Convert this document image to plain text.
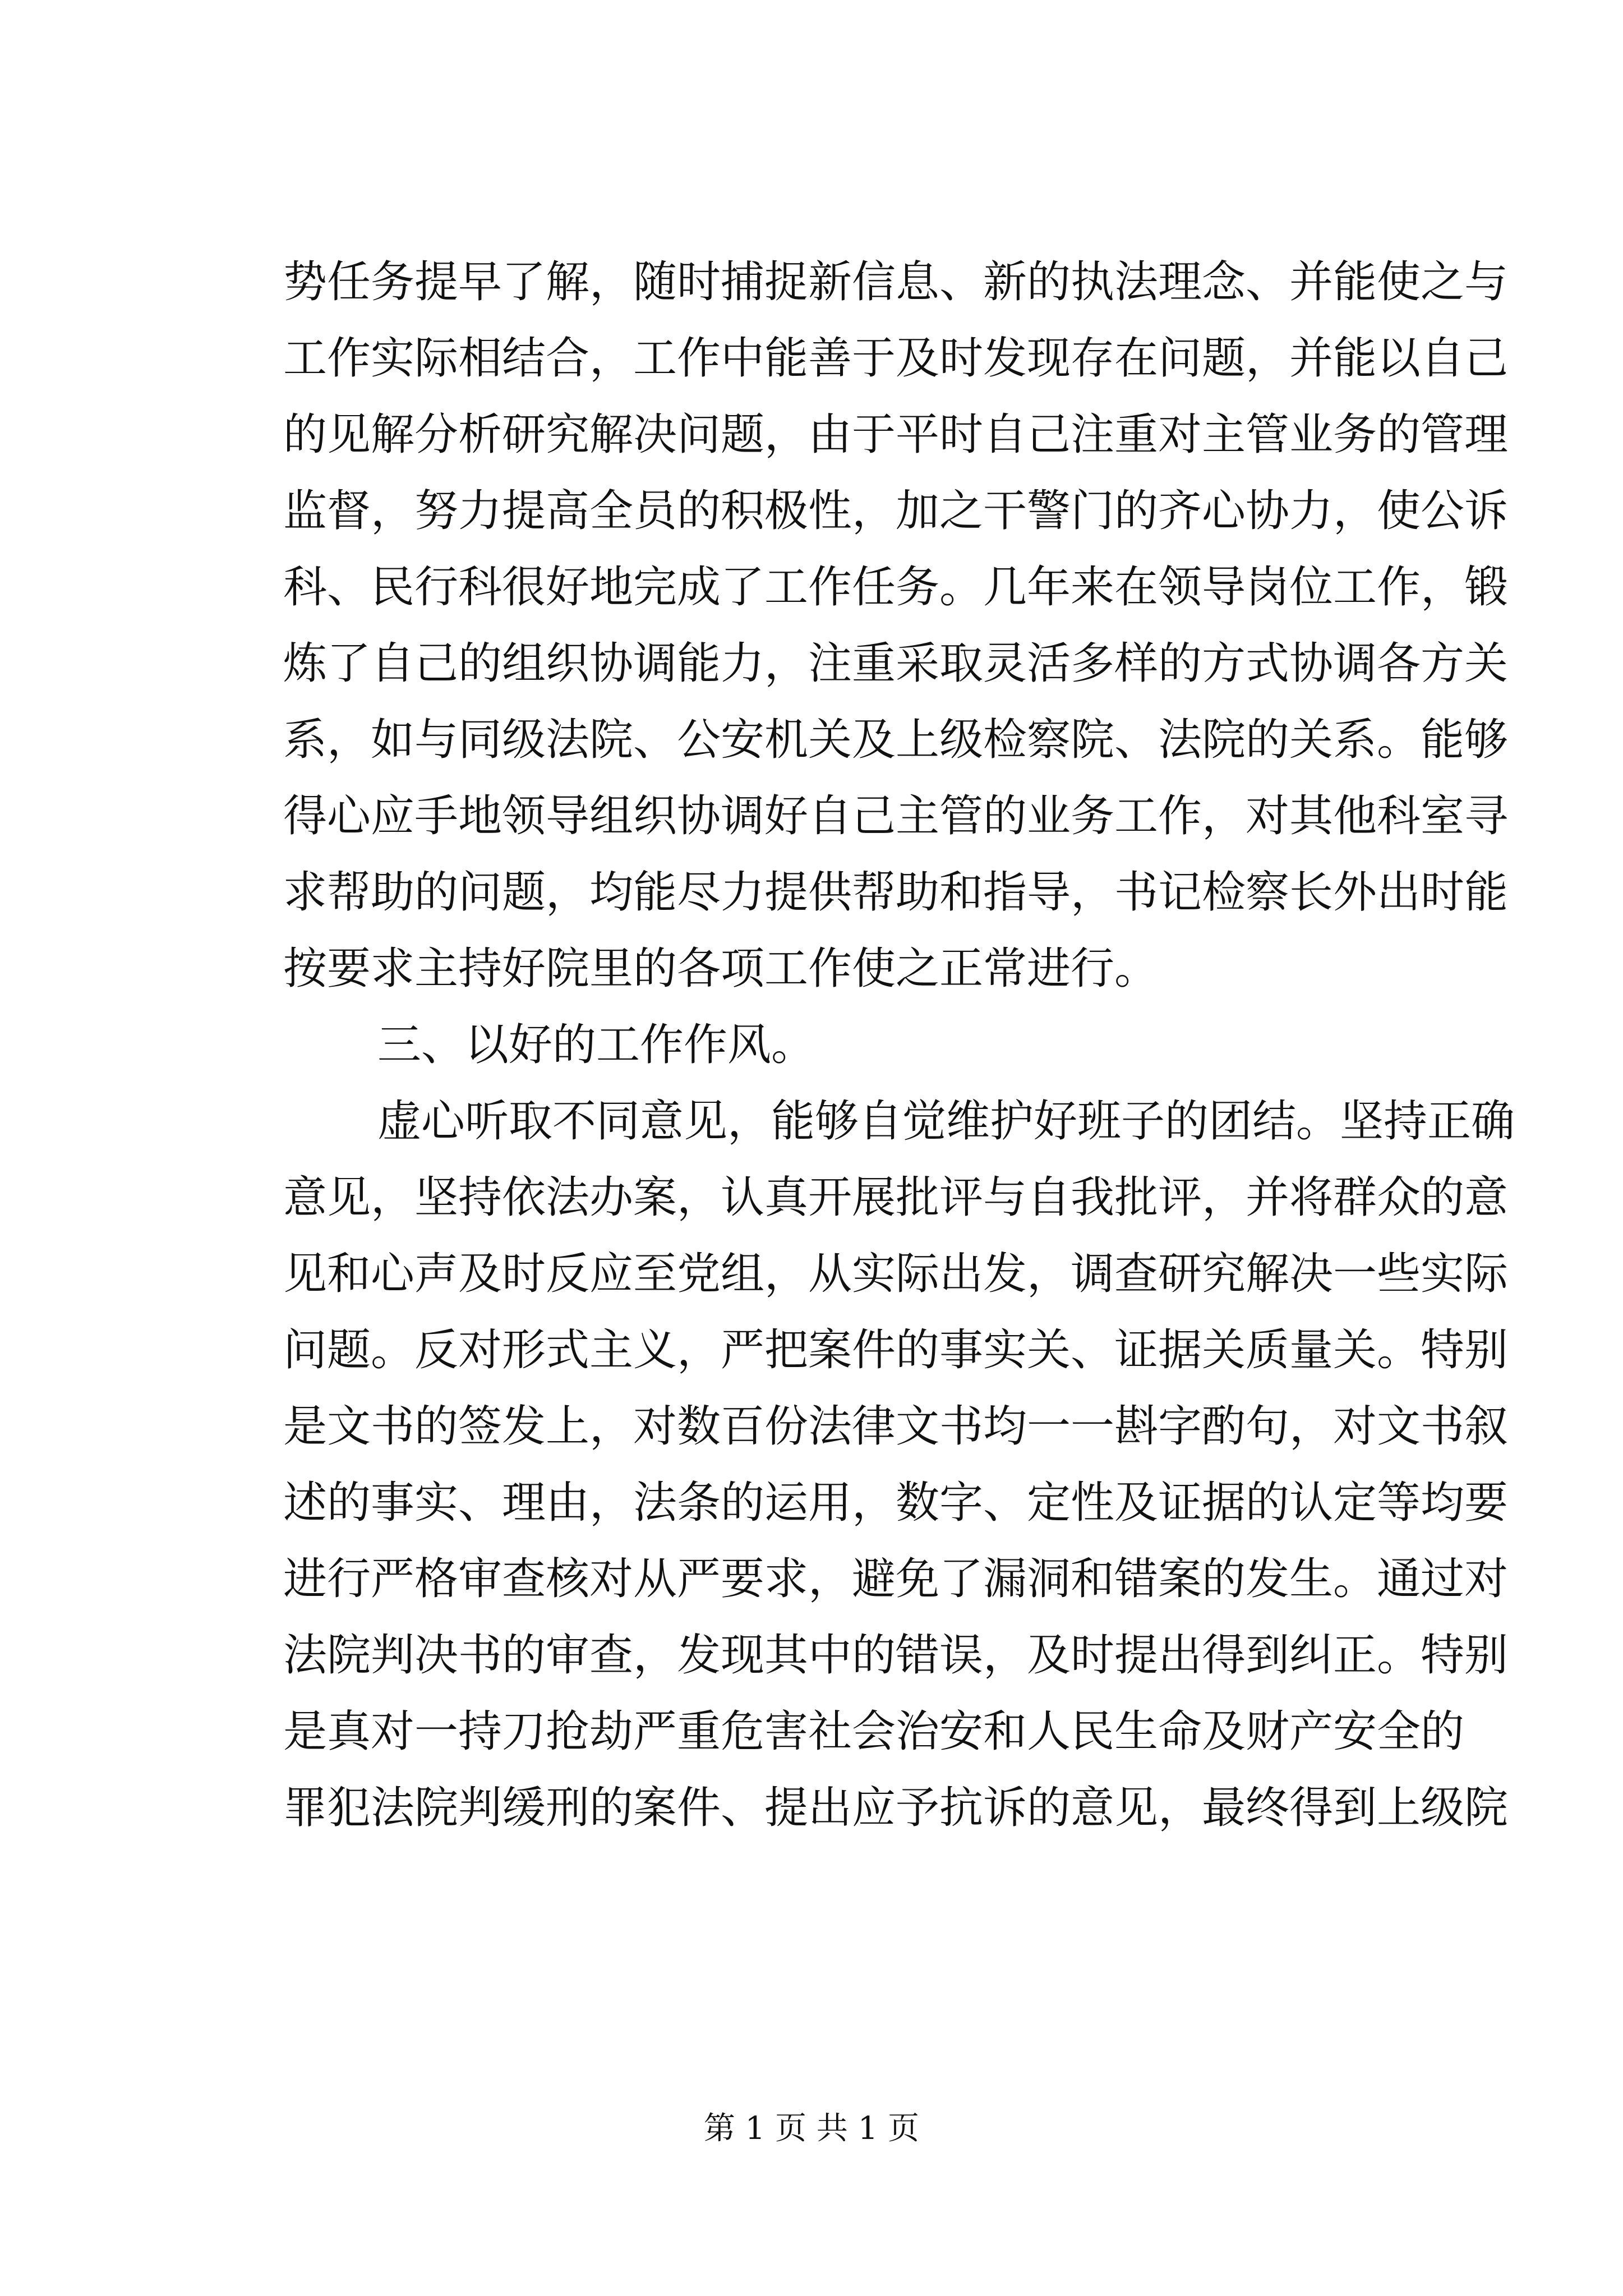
势任务提早了解，随时捕捉新信息、新的执法理念、并能使之与
工作实际相结合，工作中能善于及时发现存在问题，并能以自己
的见解分析研究解决问题，由于平时自己注重对主管业务的管理
监督，努力提高全员的积极性，加之干警门的齐心协力，使公诉
科、民行科很好地完成了工作任务。几年来在领导岗位工作，锻
炼了自己的组织协调能力，注重采取灵活多样的方式协调各方关
系，如与同级法院、公安机关及上级检察院、法院的关系。能够
得心应手地领导组织协调好自己主管的业务工作，对其他科室寻
求帮助的问题，均能尽力提供帮助和指导，书记检察长外出时能
按要求主持好院里的各项工作使之正常进行。
三、以好的工作作风。
虚心听取不同意见，能够自觉维护好班子的团结。坚持正确
意见，坚持依法办案，认真开展批评与自我批评，并将群众的意
见和心声及时反应至党组，从实际出发，调查研究解决一些实际
问题。反对形式主义，严把案件的事实关、证据关质量关。特别
是文书的签发上，对数百份法律文书均一一斟字酌句，对文书叙
述的事实、理由，法条的运用，数字、定性及证据的认定等均要
进行严格审查核对从严要求，避免了漏洞和错案的发生。通过对
法院判决书的审查，发现其中的错误，及时提出得到纠正。特别
是真对一持刀抢劫严重危害社会治安和人民生命及财产安全的
罪犯法院判缓刑的案件、提出应予抗诉的意见，最终得到上级院
第 1 页 共 1 页
